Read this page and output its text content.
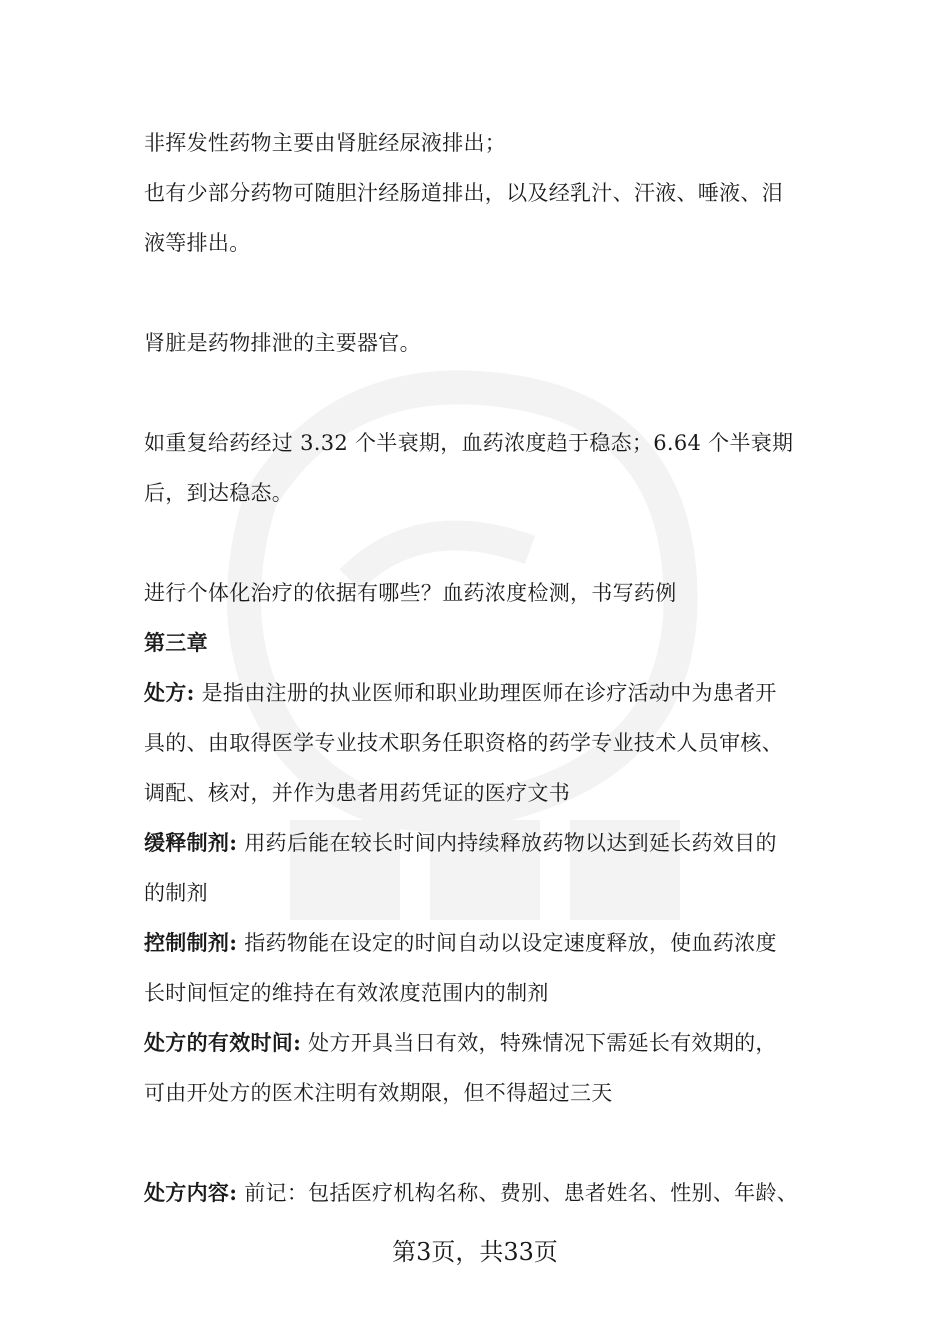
非挥发性药物主要由肾脏经尿液排出；
也有少部分药物可随胆汁经肠道排出，以及经乳汁、汗液、唾液、泪
液等排出。
肾脏是药物排泄的主要器官。
如重复给药经过 3.32 个半衰期，血药浓度趋于稳态；6.64 个半衰期
后，到达稳态。
进行个体化治疗的依据有哪些？血药浓度检测，书写药例
第三章
处方: 是指由注册的执业医师和职业助理医师在诊疗活动中为患者开
具的、由取得医学专业技术职务任职资格的药学专业技术人员审核、
调配、核对，并作为患者用药凭证的医疗文书
缓释制剂: 用药后能在较长时间内持续释放药物以达到延长药效目的
的制剂
控制制剂: 指药物能在设定的时间自动以设定速度释放，使血药浓度
长时间恒定的维持在有效浓度范围内的制剂
处方的有效时间: 处方开具当日有效，特殊情况下需延长有效期的，
可由开处方的医术注明有效期限，但不得超过三天
处方内容: 前记：包括医疗机构名称、费别、患者姓名、性别、年龄、
第3页，共33页
